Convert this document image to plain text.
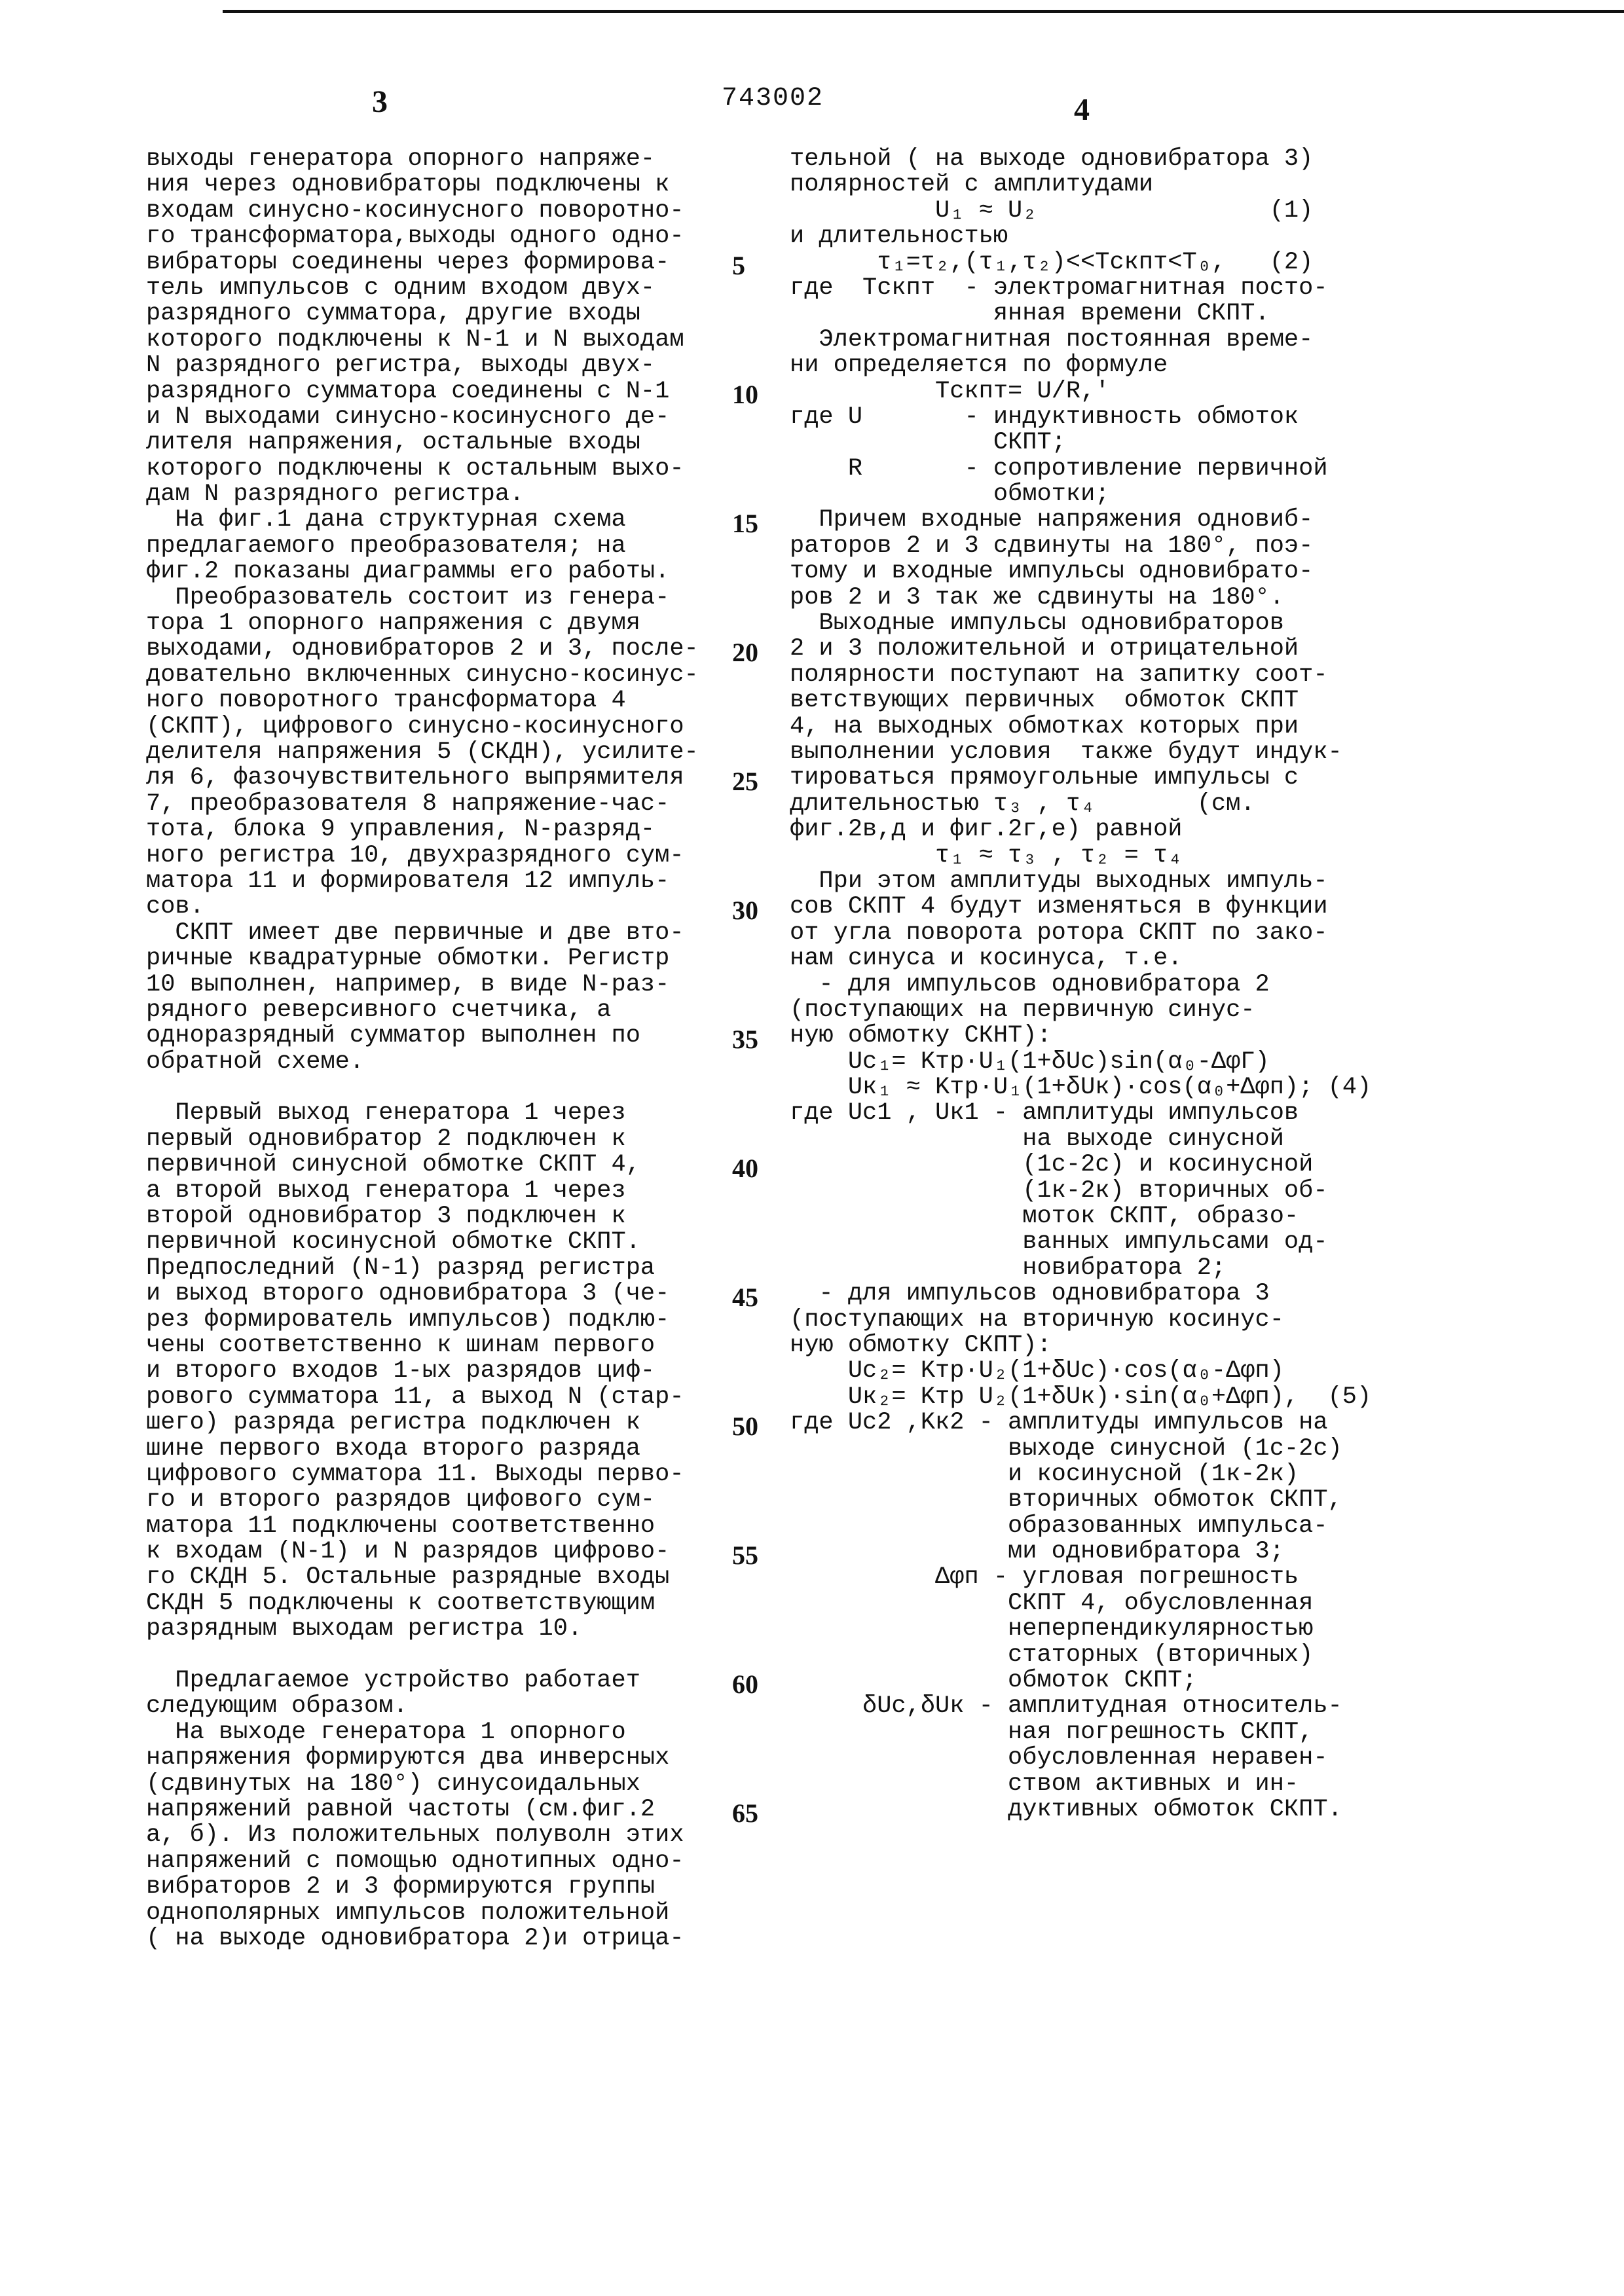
3	743002	4
выходы генератора опорного напряже-
ния через одновибраторы подключены к
входам синусно-косинусного поворотно-
го трансформатора,выходы одного одно-
вибраторы соединены через формирова-
тель импульсов с одним входом двух-
разрядного сумматора, другие входы
которого подключены к N-1 и N выходам
N разрядного регистра, выходы двух-
разрядного сумматора соединены с N-1
и N выходами синусно-косинусного де-
лителя напряжения, остальные входы
которого подключены к остальным выхо-
дам N разрядного регистра.
На фиг.1 дана структурная схема
предлагаемого преобразователя; на
фиг.2 показаны диаграммы его работы.
Преобразователь состоит из генера-
тора 1 опорного напряжения с двумя
выходами, одновибраторов 2 и 3, после-
довательно включенных синусно-косинус-
ного поворотного трансформатора 4
(СКПТ), цифрового синусно-косинусного
делителя напряжения 5 (СКДН), усилите-
ля 6, фазочувствительного выпрямителя
7, преобразователя 8 напряжение-час-
тота, блока 9 управления, N-разряд-
ного регистра 10, двухразрядного сум-
матора 11 и формирователя 12 импуль-
сов.
СКПТ имеет две первичные и две вто-
ричные квадратурные обмотки. Регистр
10 выполнен, например, в виде N-раз-
рядного реверсивного счетчика, а
одноразрядный сумматор выполнен по
обратной схеме.
Первый выход генератора 1 через
первый одновибратор 2 подключен к
первичной синусной обмотке СКПТ 4,
а второй выход генератора 1 через
второй одновибратор 3 подключен к
первичной косинусной обмотке СКПТ.
Предпоследний (N-1) разряд регистра
и выход второго одновибратора 3 (че-
рез формирователь импульсов) подклю-
чены соответственно к шинам первого
и второго входов 1-ых разрядов циф-
рового сумматора 11, а выход N (стар-
шего) разряда регистра подключен к
шине первого входа второго разряда
цифрового сумматора 11. Выходы перво-
го и второго разрядов цифового сум-
матора 11 подключены соответственно
к входам (N-1) и N разрядов цифрово-
го СКДН 5. Остальные разрядные входы
СКДН 5 подключены к соответствующим
разрядным выходам регистра 10.
Предлагаемое устройство работает
следующим образом.
На выходе генератора 1 опорного
напряжения формируются два инверсных
(сдвинутых на 180°) синусоидальных
напряжений равной частоты (см.фиг.2
а, б). Из положительных полуволн этих
напряжений с помощью однотипных одно-
вибраторов 2 и 3 формируются группы
однополярных импульсов положительной
( на выходе одновибратора 2)и отрица-
тельной ( на выходе одновибратора 3)
полярностей с амплитудами
U₁ ≈ U₂                (1)
и длительностью
τ₁=τ₂,(τ₁,τ₂)<<Tскпт<T₀,   (2)
где  Tскпт  - электромагнитная посто-
янная времени СКПТ.
Электромагнитная постоянная време-
ни определяется по формуле
Tскпт= U/R,'
где U       - индуктивность обмоток
СКПТ;
R       - сопротивление первичной
обмотки;
Причем входные напряжения одновиб-
раторов 2 и 3 сдвинуты на 180°, поэ-
тому и входные импульсы одновибрато-
ров 2 и 3 так же сдвинуты на 180°.
Выходные импульсы одновибраторов
2 и 3 положительной и отрицательной
полярности поступают на запитку соот-
ветствующих первичных  обмоток СКПТ
4, на выходных обмотках которых при
выполнении условия  также будут индук-
тироваться прямоугольные импульсы с
длительностью τ₃ , τ₄       (см.
фиг.2в,д и фиг.2г,е) равной
τ₁ ≈ τ₃ , τ₂ = τ₄
При этом амплитуды выходных импуль-
сов СКПТ 4 будут изменяться в функции
от угла поворота ротора СКПТ по зако-
нам синуса и косинуса, т.е.
- для импульсов одновибратора 2
(поступающих на первичную синус-
ную обмотку СКНТ):
Uc₁= Kтр·U₁(1+δUc)sin(α₀-ΔφГ)
Uк₁ ≈ Kтр·U₁(1+δUк)·cos(α₀+Δφп); (4)
где Uc1 , Uк1 - амплитуды импульсов
на выходе синусной
(1с-2с) и косинусной
(1к-2к) вторичных об-
моток СКПТ, образо-
ванных импульсами од-
новибратора 2;
- для импульсов одновибратора 3
(поступающих на вторичную косинус-
ную обмотку СКПТ):
Uc₂= Kтр·U₂(1+δUc)·cos(α₀-Δφп)
Uк₂= Kтр U₂(1+δUк)·sin(α₀+Δφп),  (5)
где Uc2 ,Kк2 - амплитуды импульсов на
выходе синусной (1с-2с)
и косинусной (1к-2к)
вторичных обмоток СКПТ,
образованных импульса-
ми одновибратора 3;
Δφп - угловая погрешность
СКПТ 4, обусловленная
неперпендикулярностью
статорных (вторичных)
обмоток СКПТ;
δUc,δUк - амплитудная относитель-
ная погрешность СКПТ,
обусловленная неравен-
ством активных и ин-
дуктивных обмоток СКПТ.
5
10
15
20
25
30
35
40
45
50
55
60
65
